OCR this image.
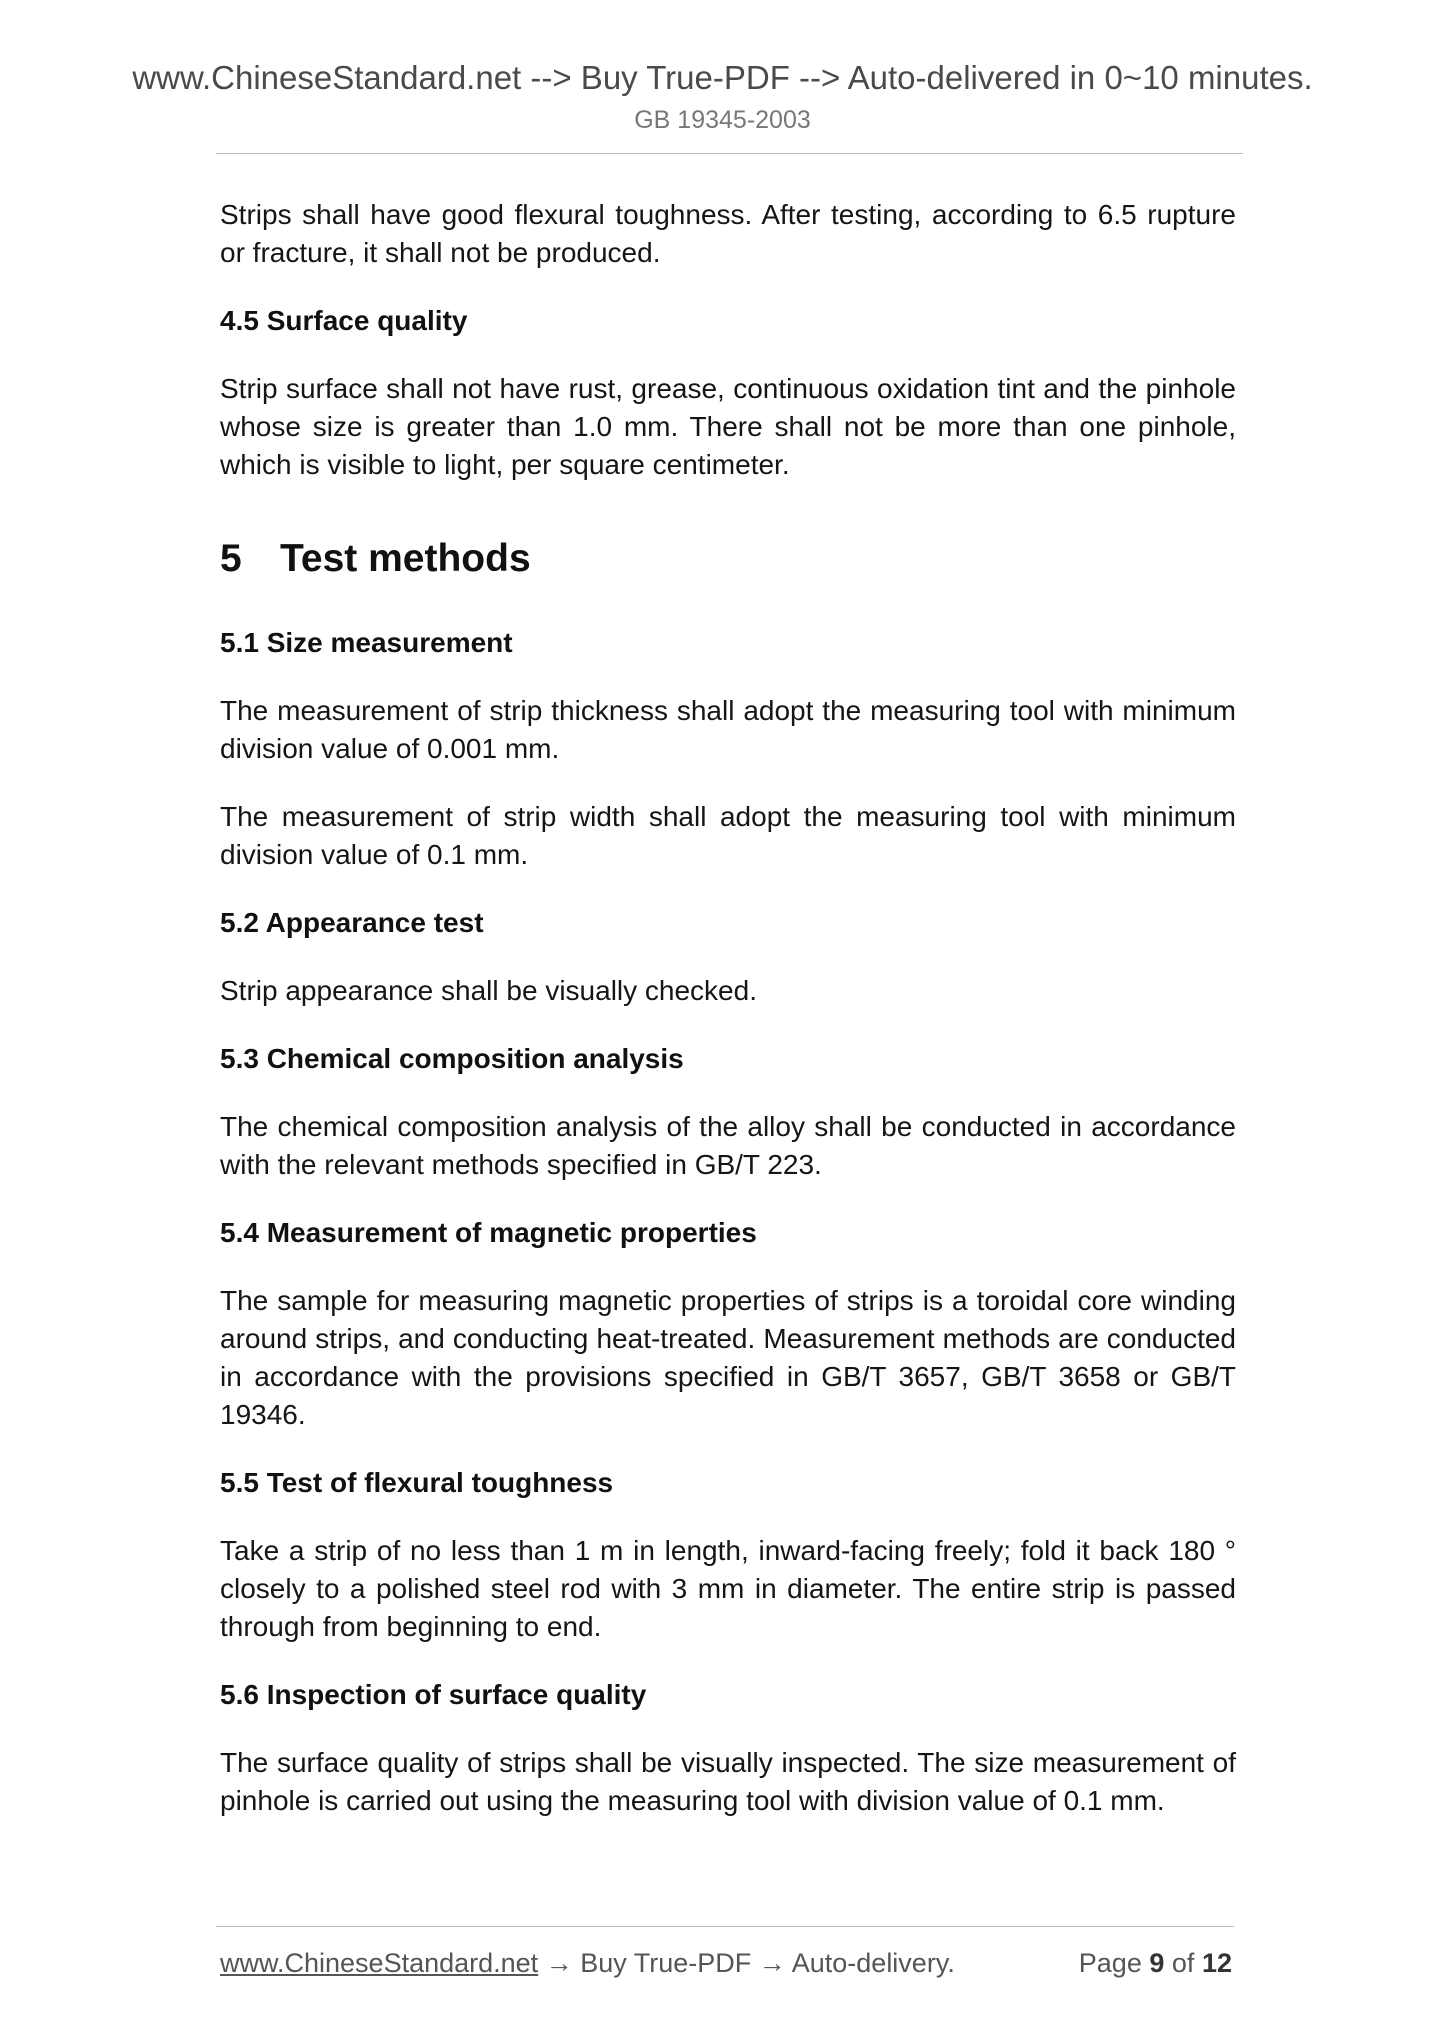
www.ChineseStandard.net --> Buy True-PDF --> Auto-delivered in 0~10 minutes.
GB 19345-2003

Strips shall have good flexural toughness. After testing, according to 6.5 rupture or fracture, it shall not be produced.

4.5 Surface quality

Strip surface shall not have rust, grease, continuous oxidation tint and the pinhole whose size is greater than 1.0 mm. There shall not be more than one pinhole, which is visible to light, per square centimeter.

5 Test methods
5.1 Size measurement

The measurement of strip thickness shall adopt the measuring tool with minimum division value of 0.001 mm.

The measurement of strip width shall adopt the measuring tool with minimum division value of 0.1 mm.

5.2 Appearance test

Strip appearance shall be visually checked.

5.3 Chemical composition analysis

The chemical composition analysis of the alloy shall be conducted in accordance with the relevant methods specified in GB/T 223.

5.4 Measurement of magnetic properties

The sample for measuring magnetic properties of strips is a toroidal core winding around strips, and conducting heat-treated. Measurement methods are conducted in accordance with the provisions specified in GB/T 3657, GB/T 3658 or GB/T 19346.

5.5 Test of flexural toughness

Take a strip of no less than 1 m in length, inward-facing freely; fold it back 180 ° closely to a polished steel rod with 3 mm in diameter. The entire strip is passed through from beginning to end.

5.6 Inspection of surface quality

The surface quality of strips shall be visually inspected. The size measurement of pinhole is carried out using the measuring tool with division value of 0.1 mm.

www.ChineseStandard.net → Buy True-PDF → Auto-delivery.	Page 9 of 12
